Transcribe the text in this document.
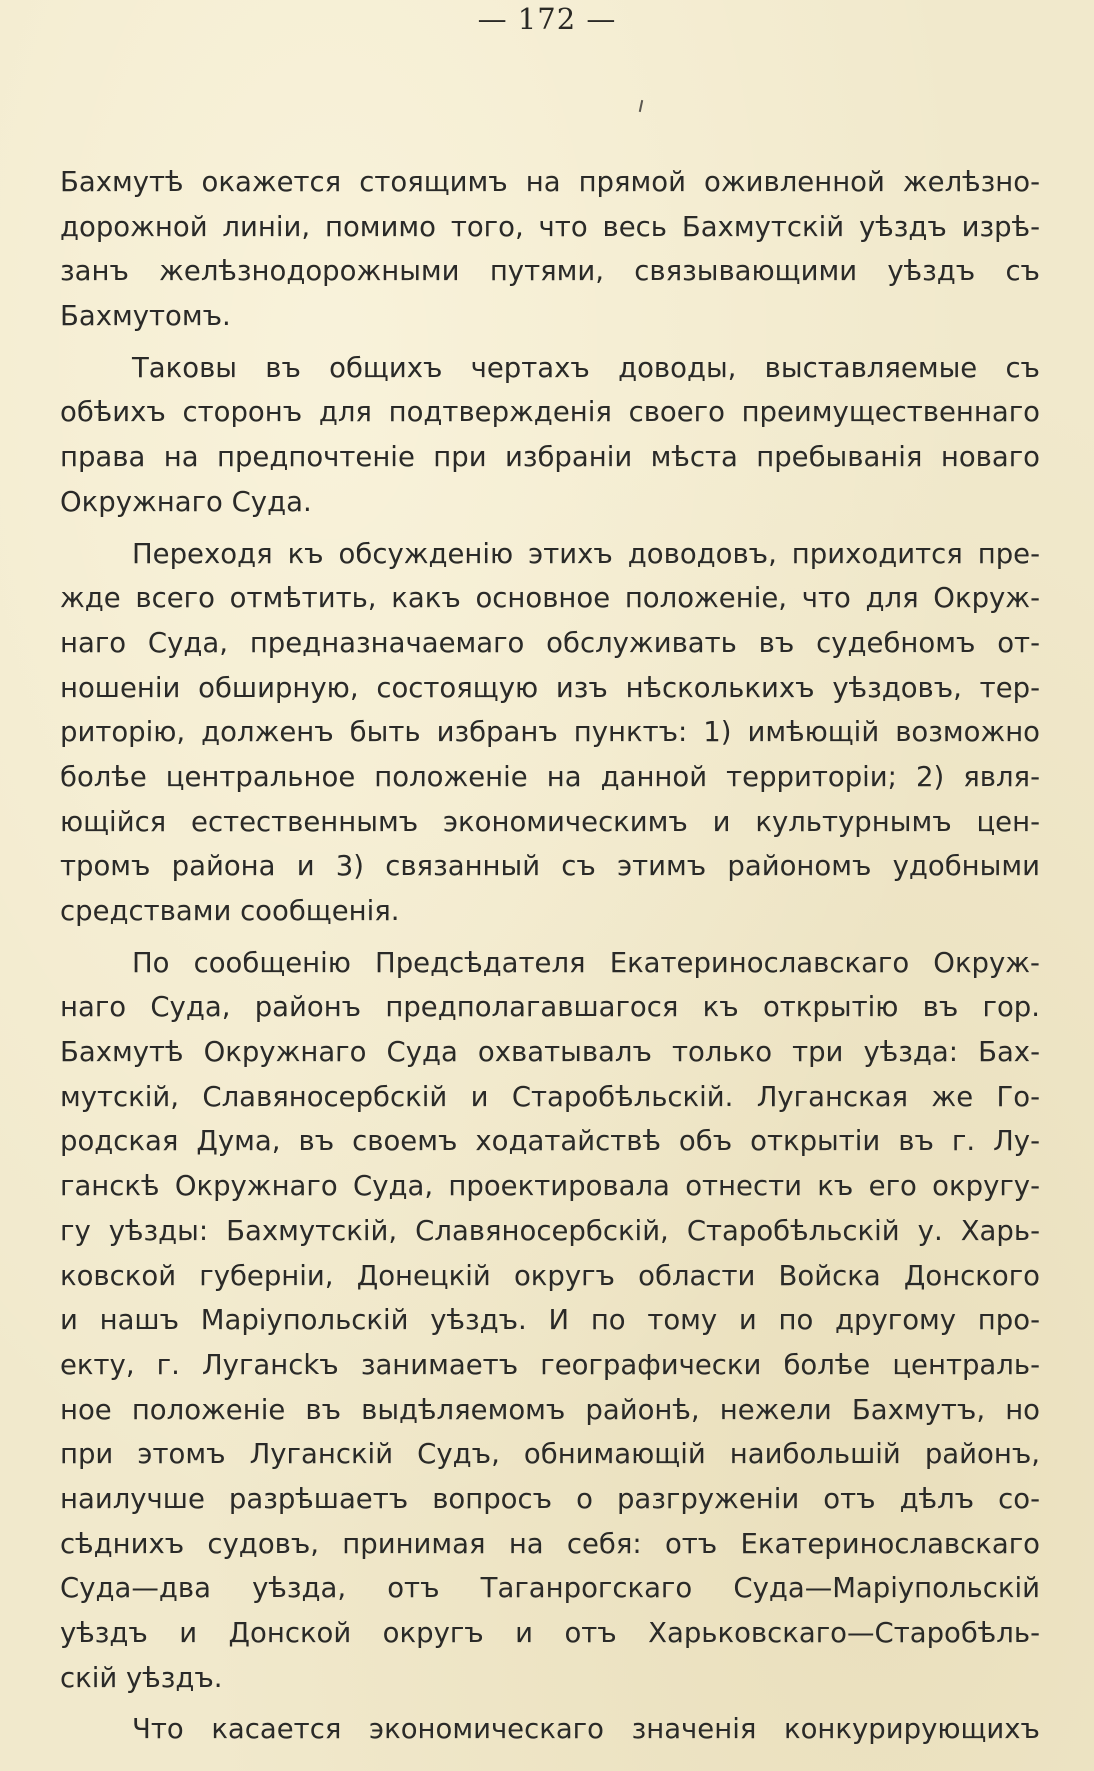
— 172 —
Бахмутѣ окажется стоящимъ на прямой оживленной желѣзно-
дорожной линіи, помимо того, что весь Бахмутскій уѣздъ изрѣ-
занъ желѣзнодорожными путями, связывающими уѣздъ съ
Бахмутомъ.
Таковы въ общихъ чертахъ доводы, выставляемые съ
обѣихъ сторонъ для подтвержденія своего преимущественнаго
права на предпочтеніе при избраніи мѣста пребыванія новаго
Окружнаго Суда.
Переходя къ обсужденію этихъ доводовъ, приходится пре-
жде всего отмѣтить, какъ основное положеніе, что для Окруж-
наго Суда, предназначаемаго обслуживать въ судебномъ от-
ношеніи обширную, состоящую изъ нѣсколькихъ уѣздовъ, тер-
риторію, долженъ быть избранъ пунктъ: 1) имѣющій возможно
болѣе центральное положеніе на данной территоріи; 2) явля-
ющійся естественнымъ экономическимъ и культурнымъ цен-
тромъ района и 3) связанный съ этимъ райономъ удобными
средствами сообщенія.
По сообщенію Предсѣдателя Екатеринославскаго Окруж-
наго Суда, районъ предполагавшагося къ открытію въ гор.
Бахмутѣ Окружнаго Суда охватывалъ только три уѣзда: Бах-
мутскій, Славяносербскій и Старобѣльскій. Луганская же Го-
родская Дума, въ своемъ ходатайствѣ объ открытіи въ г. Лу-
ганскѣ Окружнаго Суда, проектировала отнести къ его округу-
гу уѣзды: Бахмутскій, Славяносербскій, Старобѣльскій у. Харь-
ковской губерніи, Донецкій округъ области Войска Донского
и нашъ Маріупольскій уѣздъ. И по тому и по другому про-
екту, г. Лугансkъ занимаетъ географически болѣе централь-
ное положеніе въ выдѣляемомъ районѣ, нежели Бахмутъ, но
при этомъ Луганскій Судъ, обнимающій наибольшій районъ,
наилучше разрѣшаетъ вопросъ о разгруженіи отъ дѣлъ со-
сѣднихъ судовъ, принимая на себя: отъ Екатеринославскаго
Суда—два уѣзда, отъ Таганрогскаго Суда—Маріупольскій
уѣздъ и Донской округъ и отъ Харьковскаго—Старобѣль-
скій уѣздъ.
Что касается экономическаго значенія конкурирующихъ
